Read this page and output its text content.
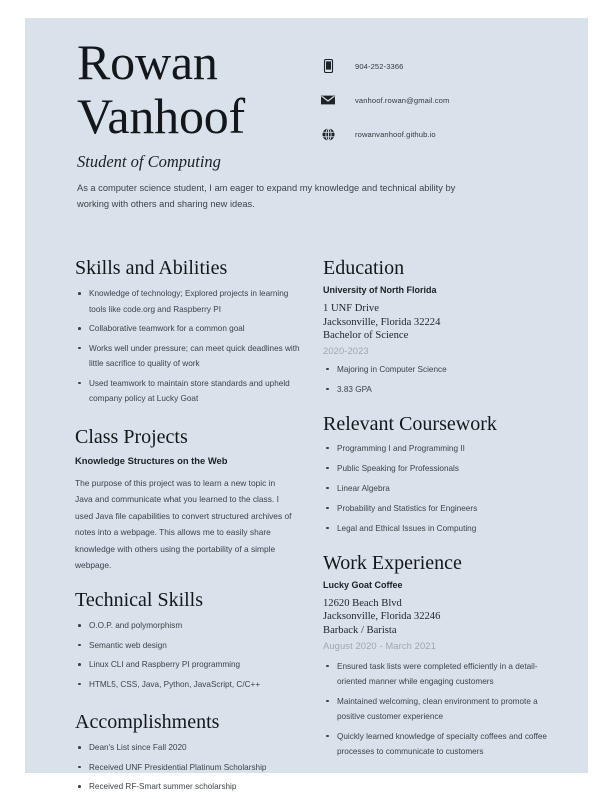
Rowan
Vanhoof
904-252-3366
vanhoof.rowan@gmail.com
rowanvanhoof.github.io
Student of Computing
As a computer science student, I am eager to expand my knowledge and technical ability by working with others and sharing new ideas.
Skills and Abilities
Knowledge of technology; Explored projects in learning tools like code.org and Raspberry PI
Collaborative teamwork for a common goal
Works well under pressure; can meet quick deadlines with little sacrifice to quality of work
Used teamwork to maintain store standards and upheld company policy at Lucky Goat
Class Projects
Knowledge Structures on the Web
The purpose of this project was to learn a new topic in Java and communicate what you learned to the class. I used Java file capabilities to convert structured archives of notes into a webpage. This allows me to easily share knowledge with others using the portability of a simple webpage.
Technical Skills
O.O.P. and polymorphism
Semantic web design
Linux CLI and Raspberry PI programming
HTML5, CSS, Java, Python, JavaScript, C/C++
Accomplishments
Dean's List since Fall 2020
Received UNF Presidential Platinum Scholarship
Received RF-Smart summer scholarship
Education
University of North Florida
1 UNF Drive
Jacksonville, Florida 32224
Bachelor of Science
2020-2023
Majoring in Computer Science
3.83 GPA
Relevant Coursework
Programming I and Programming II
Public Speaking for Professionals
Linear Algebra
Probability and Statistics for Engineers
Legal and Ethical Issues in Computing
Work Experience
Lucky Goat Coffee
12620 Beach Blvd
Jacksonville, Florida 32246
Barback / Barista
August 2020 - March 2021
Ensured task lists were completed efficiently in a detail-oriented manner while engaging customers
Maintained welcoming, clean environment to promote a positive customer experience
Quickly learned knowledge of specialty coffees and coffee processes to communicate to customers
